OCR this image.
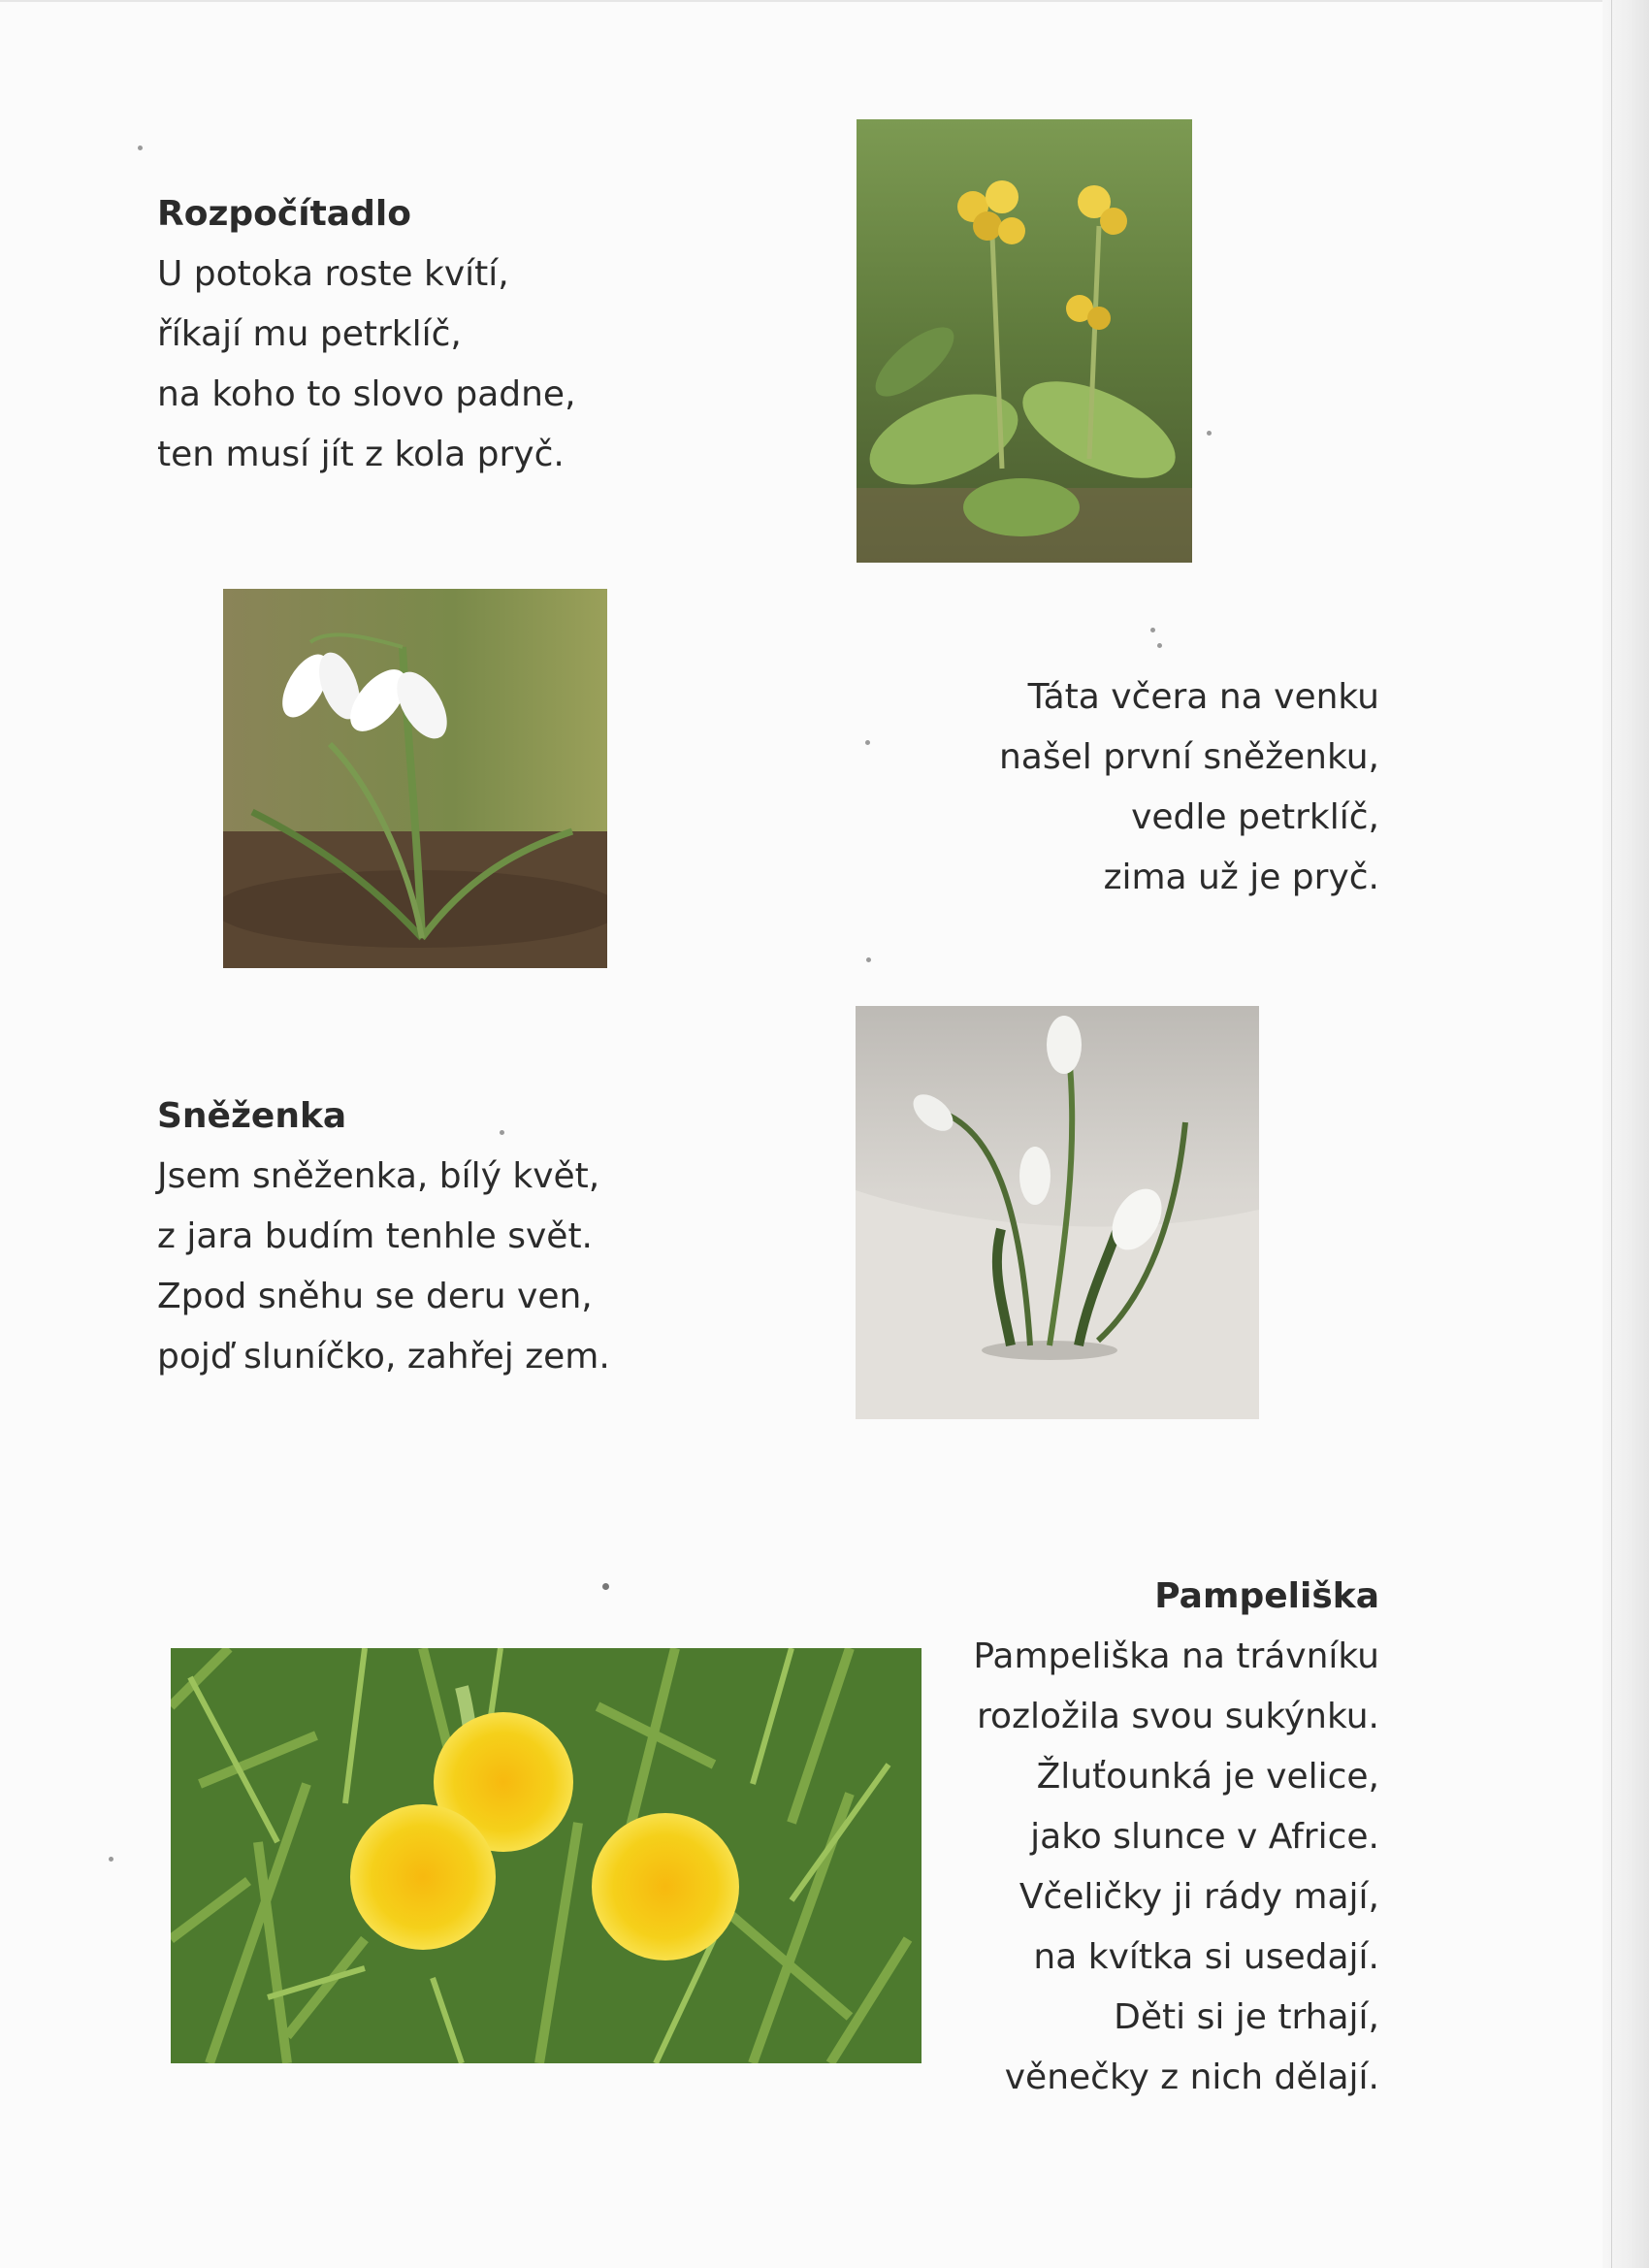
Rozpočítadlo
U potoka roste kvítí,
říkají mu petrklíč,
na koho to slovo padne,
ten musí jít z kola pryč.
Táta včera na venku
našel první sněženku,
vedle petrklíč,
zima už je pryč.
Sněženka
Jsem sněženka, bílý květ,
z jara budím tenhle svět.
Zpod sněhu se deru ven,
pojď sluníčko, zahřej zem.
Pampeliška
Pampeliška na trávníku
rozložila svou sukýnku.
Žluťounká je velice,
jako slunce v Africe.
Včeličky ji rády mají,
na kvítka si usedají.
Děti si je trhají,
věnečky z nich dělají.
